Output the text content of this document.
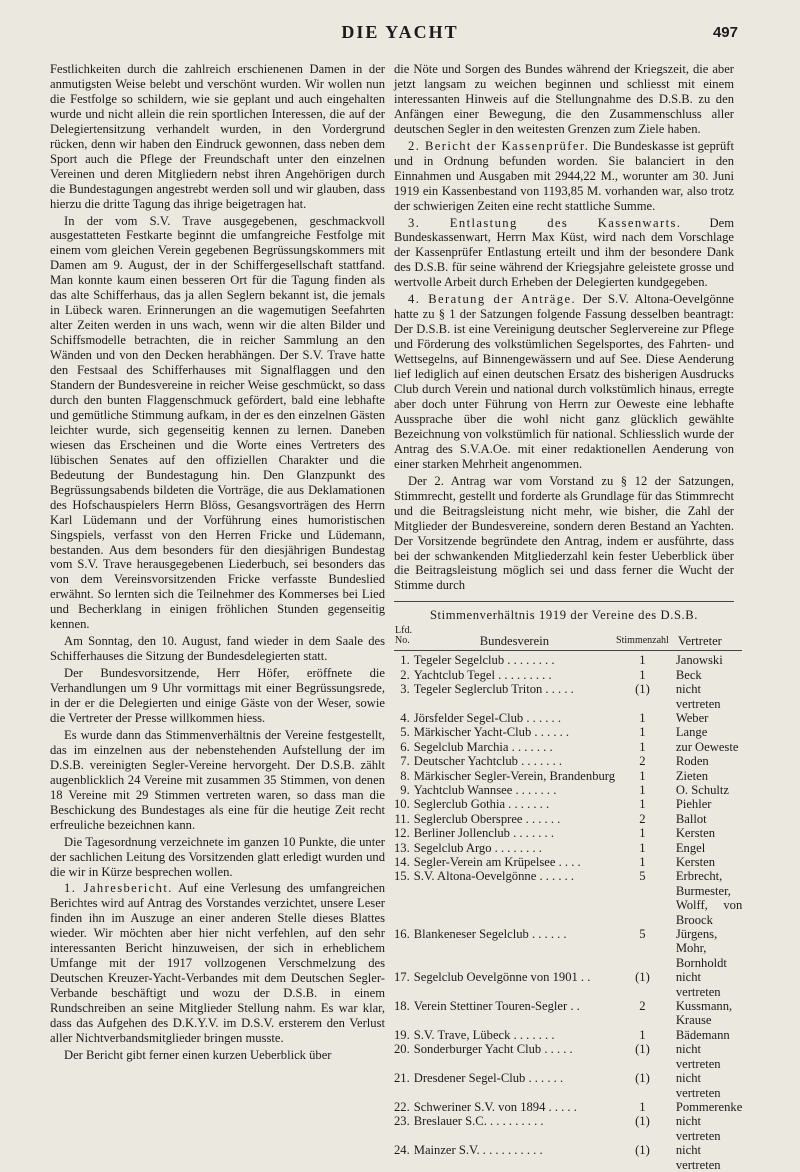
DIE YACHT	497

Festlichkeiten durch die zahlreich erschienenen Damen in der anmutigsten Weise belebt und verschönt wurden. Wir wollen nun die Festfolge so schildern, wie sie geplant und auch eingehalten wurde und nicht allein die rein sportlichen Interessen, die auf der Delegiertensitzung verhandelt wurden, in den Vordergrund rücken, denn wir haben den Eindruck gewonnen, dass neben dem Sport auch die Pflege der Freundschaft unter den einzelnen Vereinen und deren Mitgliedern nebst ihren Angehörigen durch die Bundestagungen angestrebt werden soll und wir glauben, dass hierzu die dritte Tagung das ihrige beigetragen hat.

In der vom S.V. Trave ausgegebenen, geschmackvoll ausgestatteten Festkarte beginnt die umfangreiche Festfolge mit einem vom gleichen Verein gegebenen Begrüssungskommers mit Damen am 9. August, der in der Schiffergesellschaft stattfand. Man konnte kaum einen besseren Ort für die Tagung finden als das alte Schifferhaus, das ja allen Seglern bekannt ist, die jemals in Lübeck waren. Erinnerungen an die wagemutigen Seefahrten alter Zeiten werden in uns wach, wenn wir die alten Bilder und Schiffsmodelle betrachten, die in reicher Sammlung an den Wänden und von den Decken herabhängen. Der S.V. Trave hatte den Festsaal des Schifferhauses mit Signalflaggen und den Standern der Bundesvereine in reicher Weise geschmückt, so dass durch den bunten Flaggenschmuck gefördert, bald eine lebhafte und gemütliche Stimmung aufkam, in der es den einzelnen Gästen leichter wurde, sich gegenseitig kennen zu lernen. Daneben wiesen das Erscheinen und die Worte eines Vertreters des lübischen Senates auf den offiziellen Charakter und die Bedeutung der Bundestagung hin. Den Glanzpunkt des Begrüssungsabends bildeten die Vorträge, die aus Deklamationen des Hofschauspielers Herrn Blöss, Gesangsvorträgen des Herrn Karl Lüdemann und der Vorführung eines humoristischen Singspiels, verfasst von den Herren Fricke und Lüdemann, bestanden. Aus dem besonders für den diesjährigen Bundestag vom S.V. Trave herausgegebenen Liederbuch, sei besonders das von dem Vereinsvorsitzenden Fricke verfasste Bundeslied erwähnt. So lernten sich die Teilnehmer des Kommerses bei Lied und Becherklang in einigen fröhlichen Stunden gegenseitig kennen.

Am Sonntag, den 10. August, fand wieder in dem Saale des Schifferhauses die Sitzung der Bundesdelegierten statt.

Der Bundesvorsitzende, Herr Höfer, eröffnete die Verhandlungen um 9 Uhr vormittags mit einer Begrüssungsrede, in der er die Delegierten und einige Gäste von der Weser, sowie die Vertreter der Presse willkommen hiess.

Es wurde dann das Stimmenverhältnis der Vereine festgestellt, das im einzelnen aus der nebenstehenden Aufstellung der im D.S.B. vereinigten Segler-Vereine hervorgeht. Der D.S.B. zählt augenblicklich 24 Vereine mit zusammen 35 Stimmen, von denen 18 Vereine mit 29 Stimmen vertreten waren, so dass man die Beschickung des Bundestages als eine für die heutige Zeit recht erfreuliche bezeichnen kann.

Die Tagesordnung verzeichnete im ganzen 10 Punkte, die unter der sachlichen Leitung des Vorsitzenden glatt erledigt wurden und die wir in Kürze besprechen wollen.

1. Jahresbericht. Auf eine Verlesung des umfangreichen Berichtes wird auf Antrag des Vorstandes verzichtet, unsere Leser finden ihn im Auszuge an einer anderen Stelle dieses Blattes wieder. Wir möchten aber hier nicht verfehlen, auf den sehr interessanten Bericht hinzuweisen, der sich in erheblichem Umfange mit der 1917 vollzogenen Verschmelzung des Deutschen Kreuzer-Yacht-Verbandes mit dem Deutschen Segler-Verbande beschäftigt und wozu der D.S.B. in einem Rundschreiben an seine Mitglieder Stellung nahm. Es war klar, dass das Aufgehen des D.K.Y.V. im D.S.V. ersterem den Verlust aller Nichtverbandsmitglieder bringen musste.

Der Bericht gibt ferner einen kurzen Ueberblick über

die Nöte und Sorgen des Bundes während der Kriegszeit, die aber jetzt langsam zu weichen beginnen und schliesst mit einem interessanten Hinweis auf die Stellungnahme des D.S.B. zu den Anfängen einer Bewegung, die den Zusammenschluss aller deutschen Segler in den weitesten Grenzen zum Ziele haben.

2. Bericht der Kassenprüfer. Die Bundeskasse ist geprüft und in Ordnung befunden worden. Sie balanciert in den Einnahmen und Ausgaben mit 2944,22 M., worunter am 30. Juni 1919 ein Kassenbestand von 1193,85 M. vorhanden war, also trotz der schwierigen Zeiten eine recht stattliche Summe.

3. Entlastung des Kassenwarts. Dem Bundeskassenwart, Herrn Max Küst, wird nach dem Vorschlage der Kassenprüfer Entlastung erteilt und ihm der besondere Dank des D.S.B. für seine während der Kriegsjahre geleistete grosse und wertvolle Arbeit durch Erheben der Delegierten kundgegeben.

4. Beratung der Anträge. Der S.V. Altona-Oevelgönne hatte zu § 1 der Satzungen folgende Fassung desselben beantragt: Der D.S.B. ist eine Vereinigung deutscher Seglervereine zur Pflege und Förderung des volkstümlichen Segelsportes, des Fahrten- und Wettsegelns, auf Binnengewässern und auf See. Diese Aenderung lief lediglich auf einen deutschen Ersatz des bisherigen Ausdrucks Club durch Verein und national durch volkstümlich hinaus, erregte aber doch unter Führung von Herrn zur Oeweste eine lebhafte Aussprache über die wohl nicht ganz glücklich gewählte Bezeichnung von volkstümlich für national. Schliesslich wurde der Antrag des S.V.A.Oe. mit einer redaktionellen Aenderung von einer starken Mehrheit angenommen.

Der 2. Antrag war vom Vorstand zu § 12 der Satzungen, Stimmrecht, gestellt und forderte als Grundlage für das Stimmrecht und die Beitragsleistung nicht mehr, wie bisher, die Zahl der Mitglieder der Bundesvereine, sondern deren Bestand an Yachten. Der Vorsitzende begründete den Antrag, indem er ausführte, dass bei der schwankenden Mitgliederzahl kein fester Ueberblick über die Beitragsleistung möglich sei und dass ferner die Wucht der Stimme durch

Stimmenverhältnis 1919 der Vereine des D.S.B.
Lfd. No.	Bundesverein	Stimmenzahl	Vertreter
1.	Tegeler Segelclub . . . . . . . .	1	Janowski
2.	Yachtclub Tegel . . . . . . . . .	1	Beck
3.	Tegeler Seglerclub Triton . . . . .	(1)	nicht vertreten
4.	Jörsfelder Segel-Club . . . . . .	1	Weber
5.	Märkischer Yacht-Club . . . . . .	1	Lange
6.	Segelclub Marchia . . . . . . .	1	zur Oeweste
7.	Deutscher Yachtclub . . . . . . .	2	Roden
8.	Märkischer Segler-Verein, Brandenburg	1	Zieten
9.	Yachtclub Wannsee . . . . . . .	1	O. Schultz
10.	Seglerclub Gothia . . . . . . .	1	Piehler
11.	Seglerclub Oberspree . . . . . .	2	Ballot
12.	Berliner Jollenclub . . . . . . .	1	Kersten
13.	Segelclub Argo . . . . . . . .	1	Engel
14.	Segler-Verein am Krüpelsee . . . .	1	Kersten
15.	S.V. Altona-Oevelgönne . . . . . .	5	Erbrecht, Burmester, Wolff, von Broock
16.	Blankeneser Segelclub . . . . . .	5	Jürgens, Mohr, Bornholdt
17.	Segelclub Oevelgönne von 1901 . .	(1)	nicht vertreten
18.	Verein Stettiner Touren-Segler . .	2	Kussmann, Krause
19.	S.V. Trave, Lübeck . . . . . . .	1	Bädemann
20.	Sonderburger Yacht Club . . . . .	(1)	nicht vertreten
21.	Dresdener Segel-Club . . . . . .	(1)	nicht vertreten
22.	Schweriner S.V. von 1894 . . . . .	1	Pommerenke
23.	Breslauer S.C. . . . . . . . . .	(1)	nicht vertreten
24.	Mainzer S.V. . . . . . . . . . .	(1)	nicht vertreten
